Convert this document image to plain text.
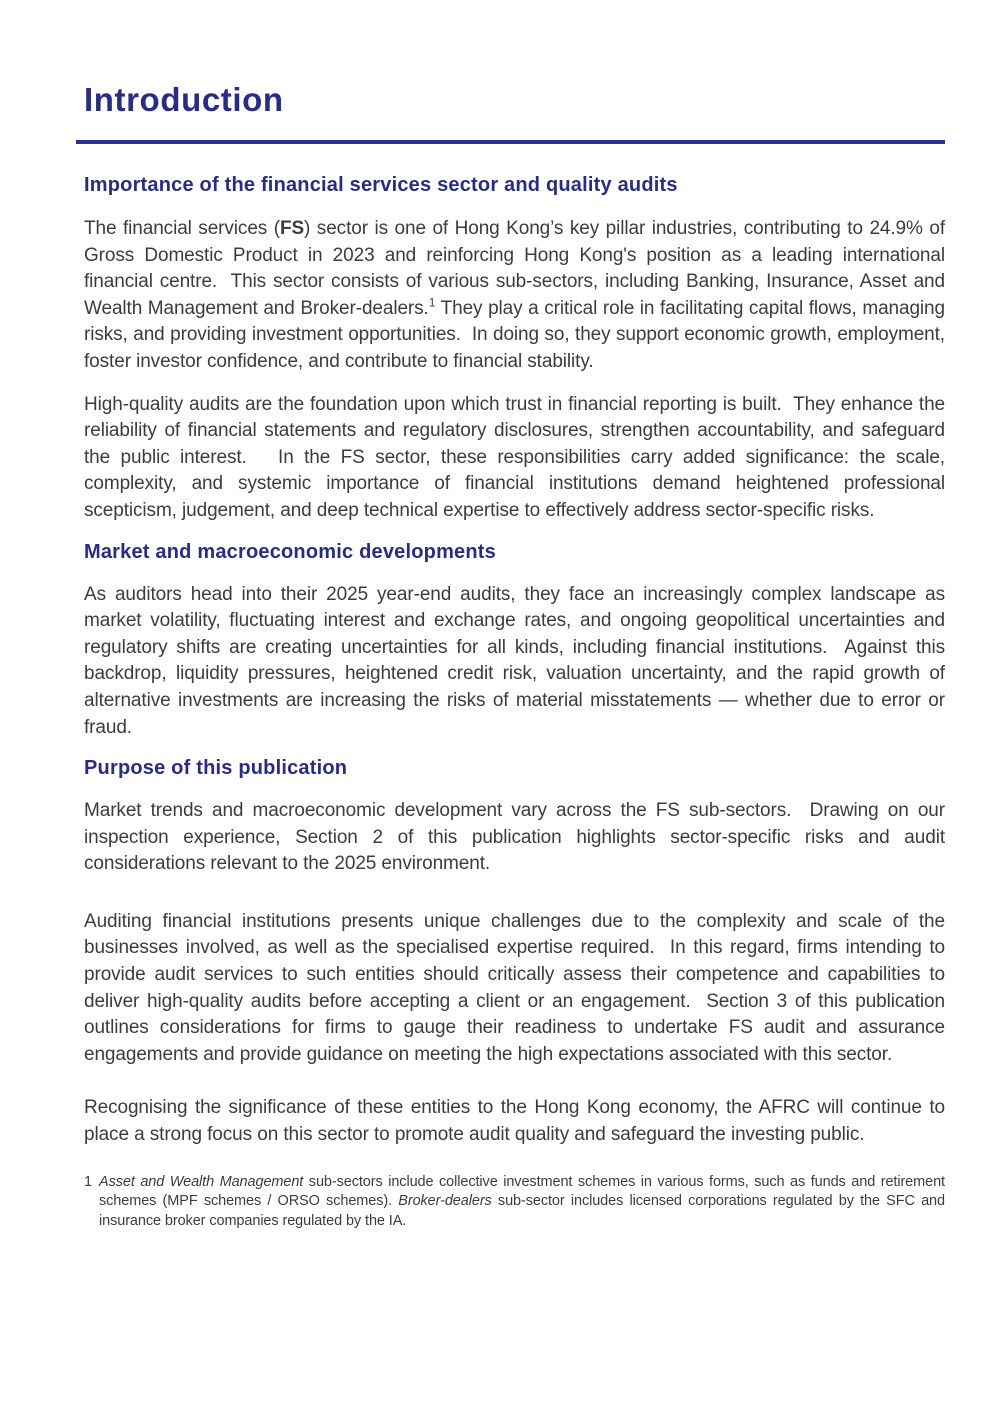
Introduction
Importance of the financial services sector and quality audits

The financial services (FS) sector is one of Hong Kong’s key pillar industries, contributing to 24.9% of Gross Domestic Product in 2023 and reinforcing Hong Kong's position as a leading international financial centre.  This sector consists of various sub-sectors, including Banking, Insurance, Asset and Wealth Management and Broker-dealers.$^1$ They play a critical role in facilitating capital flows, managing risks, and providing investment opportunities.  In doing so, they support economic growth, employment, foster investor confidence, and contribute to financial stability.

High-quality audits are the foundation upon which trust in financial reporting is built.  They enhance the reliability of financial statements and regulatory disclosures, strengthen accountability, and safeguard the public interest.   In the FS sector, these responsibilities carry added significance: the scale, complexity, and systemic importance of financial institutions demand heightened professional scepticism, judgement, and deep technical expertise to effectively address sector-specific risks.

Market and macroeconomic developments

As auditors head into their 2025 year-end audits, they face an increasingly complex landscape as market volatility, fluctuating interest and exchange rates, and ongoing geopolitical uncertainties and regulatory shifts are creating uncertainties for all kinds, including financial institutions.  Against this backdrop, liquidity pressures, heightened credit risk, valuation uncertainty, and the rapid growth of alternative investments are increasing the risks of material misstatements — whether due to error or fraud.

Purpose of this publication

Market trends and macroeconomic development vary across the FS sub-sectors.  Drawing on our inspection experience, Section 2 of this publication highlights sector-specific risks and audit considerations relevant to the 2025 environment.

Auditing financial institutions presents unique challenges due to the complexity and scale of the businesses involved, as well as the specialised expertise required.  In this regard, firms intending to provide audit services to such entities should critically assess their competence and capabilities to deliver high-quality audits before accepting a client or an engagement.  Section 3 of this publication outlines considerations for firms to gauge their readiness to undertake FS audit and assurance engagements and provide guidance on meeting the high expectations associated with this sector.

Recognising the significance of these entities to the Hong Kong economy, the AFRC will continue to place a strong focus on this sector to promote audit quality and safeguard the investing public.

1 Asset and Wealth Management sub-sectors include collective investment schemes in various forms, such as funds and retirement schemes (MPF schemes / ORSO schemes). Broker-dealers sub-sector includes licensed corporations regulated by the SFC and insurance broker companies regulated by the IA.
